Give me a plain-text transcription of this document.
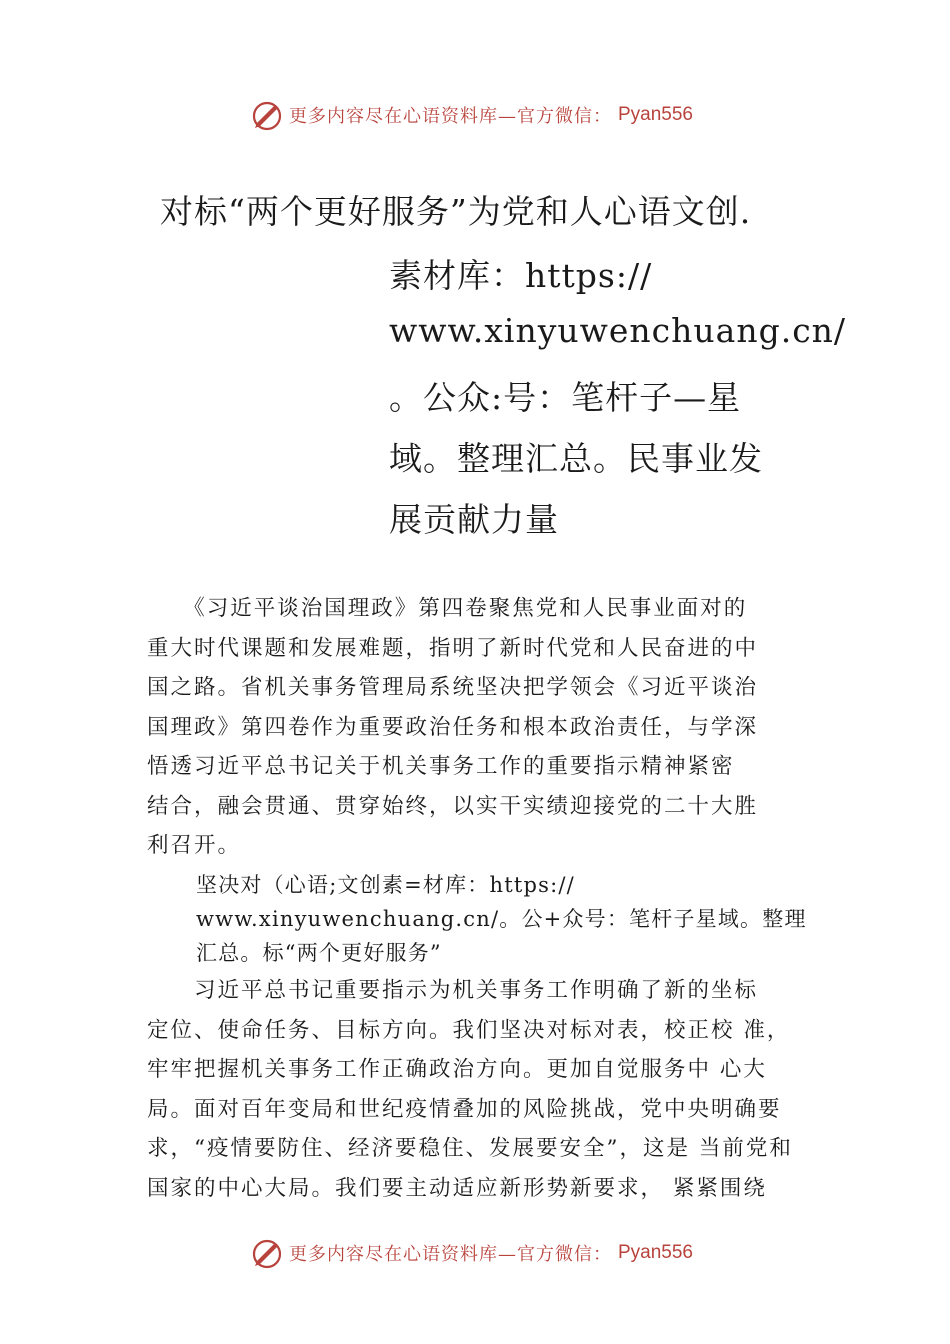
更多内容尽在心语资料库—官方微信： Pyan556
对标“两个更好服务”为党和人心语文创.
素材库：https://
www.xinyuwenchuang.cn/
。公众:号：笔杆子—星
域。整理汇总。民事业发
展贡献力量
　　《习近平谈治国理政》第四卷聚焦党和人民事业面对的
重大时代课题和发展难题，指明了新时代党和人民奋进的中
国之路。省机关事务管理局系统坚决把学领会《习近平谈治
国理政》第四卷作为重要政治任务和根本政治责任，与学深
悟透习近平总书记关于机关事务工作的重要指示精神紧密
结合，融会贯通、贯穿始终，以实干实绩迎接党的二十大胜
利召开。
坚决对（心语;文创素=材库：https://
www.xinyuwenchuang.cn/。公+众号：笔杆子星域。整理
汇总。标“两个更好服务”
　　习近平总书记重要指示为机关事务工作明确了新的坐标
定位、使命任务、目标方向。我们坚决对标对表，校正校 准，
牢牢把握机关事务工作正确政治方向。更加自觉服务中 心大
局。面对百年变局和世纪疫情叠加的风险挑战，党中央明确要
求，“疫情要防住、经济要稳住、发展要安全”，这是 当前党和
国家的中心大局。我们要主动适应新形势新要求， 紧紧围绕
更多内容尽在心语资料库—官方微信： Pyan556
